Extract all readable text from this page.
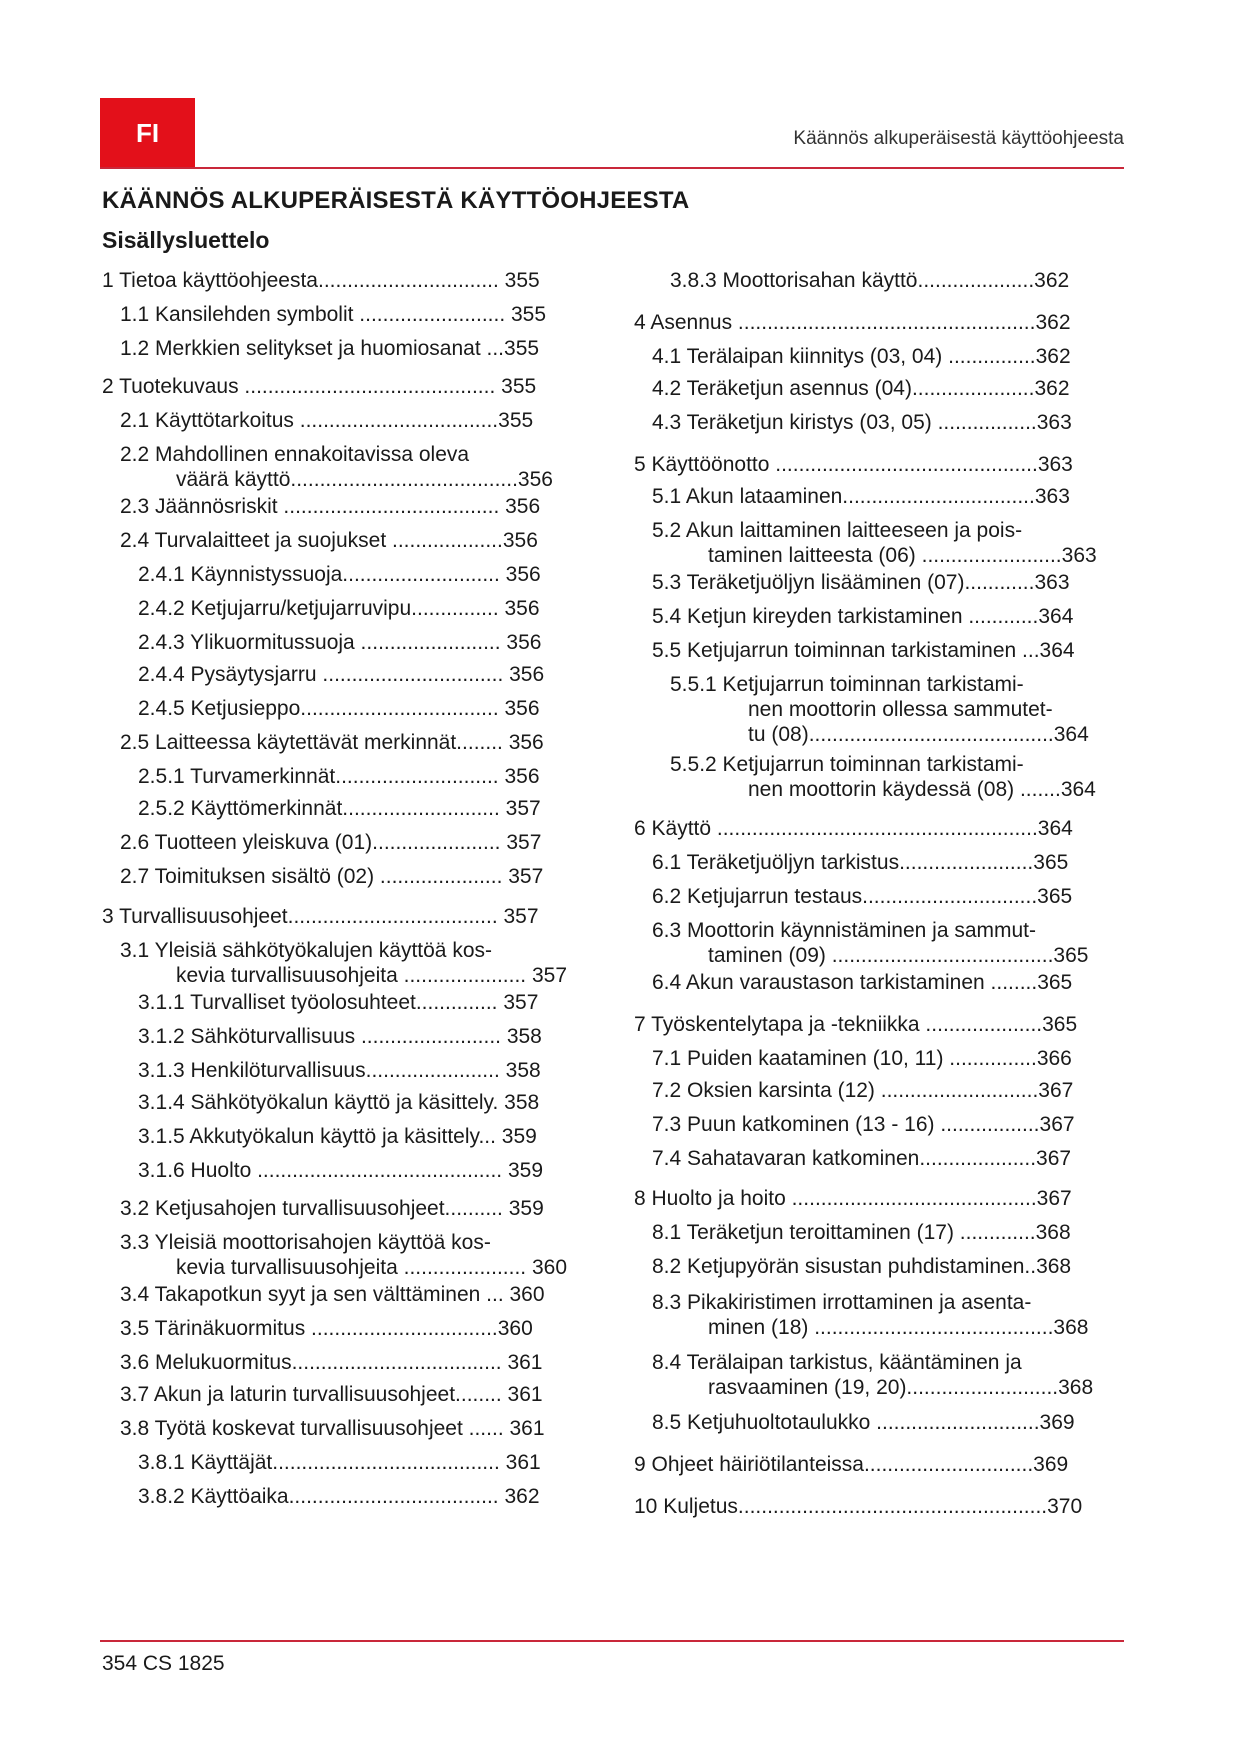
FI	Käännös alkuperäisestä käyttöohjeesta
KÄÄNNÖS ALKUPERÄISESTÄ KÄYTTÖOHJEESTA
Sisällysluettelo
1 Tietoa käyttöohjeesta............................... 355
1.1 Kansilehden symbolit ......................... 355
1.2 Merkkien selitykset ja huomiosanat ...355
2 Tuotekuvaus ........................................... 355
2.1 Käyttötarkoitus ..................................355
2.2 Mahdollinen ennakoitavissa oleva
väärä käyttö.......................................356
2.3 Jäännösriskit ..................................... 356
2.4 Turvalaitteet ja suojukset ...................356
2.4.1 Käynnistyssuoja........................... 356
2.4.2 Ketjujarru/ketjujarruvipu............... 356
2.4.3 Ylikuormitussuoja ........................ 356
2.4.4 Pysäytysjarru ............................... 356
2.4.5 Ketjusieppo.................................. 356
2.5 Laitteessa käytettävät merkinnät........ 356
2.5.1 Turvamerkinnät............................ 356
2.5.2 Käyttömerkinnät........................... 357
2.6 Tuotteen yleiskuva (01)...................... 357
2.7 Toimituksen sisältö (02) ..................... 357
3 Turvallisuusohjeet.................................... 357
3.1 Yleisiä sähkötyökalujen käyttöä kos-
kevia turvallisuusohjeita ..................... 357
3.1.1 Turvalliset työolosuhteet.............. 357
3.1.2 Sähköturvallisuus ........................ 358
3.1.3 Henkilöturvallisuus....................... 358
3.1.4 Sähkötyökalun käyttö ja käsittely. 358
3.1.5 Akkutyökalun käyttö ja käsittely... 359
3.1.6 Huolto .......................................... 359
3.2 Ketjusahojen turvallisuusohjeet.......... 359
3.3 Yleisiä moottorisahojen käyttöä kos-
kevia turvallisuusohjeita ..................... 360
3.4 Takapotkun syyt ja sen välttäminen ... 360
3.5 Tärinäkuormitus ................................360
3.6 Melukuormitus.................................... 361
3.7 Akun ja laturin turvallisuusohjeet........ 361
3.8 Työtä koskevat turvallisuusohjeet ...... 361
3.8.1 Käyttäjät....................................... 361
3.8.2 Käyttöaika.................................... 362
3.8.3 Moottorisahan käyttö....................362
4 Asennus ...................................................362
4.1 Terälaipan kiinnitys (03, 04) ...............362
4.2 Teräketjun asennus (04).....................362
4.3 Teräketjun kiristys (03, 05) .................363
5 Käyttöönotto .............................................363
5.1 Akun lataaminen.................................363
5.2 Akun laittaminen laitteeseen ja pois-
taminen laitteesta (06) ........................363
5.3 Teräketjuöljyn lisääminen (07)............363
5.4 Ketjun kireyden tarkistaminen ............364
5.5 Ketjujarrun toiminnan tarkistaminen ...364
5.5.1 Ketjujarrun toiminnan tarkistami-
nen moottorin ollessa sammutet-
tu (08)..........................................364
5.5.2 Ketjujarrun toiminnan tarkistami-
nen moottorin käydessä (08) .......364
6 Käyttö .......................................................364
6.1 Teräketjuöljyn tarkistus.......................365
6.2 Ketjujarrun testaus..............................365
6.3 Moottorin käynnistäminen ja sammut-
taminen (09) ......................................365
6.4 Akun varaustason tarkistaminen ........365
7 Työskentelytapa ja -tekniikka ....................365
7.1 Puiden kaataminen (10, 11) ...............366
7.2 Oksien karsinta (12) ...........................367
7.3 Puun katkominen (13 - 16) .................367
7.4 Sahatavaran katkominen....................367
8 Huolto ja hoito ..........................................367
8.1 Teräketjun teroittaminen (17) .............368
8.2 Ketjupyörän sisustan puhdistaminen..368
8.3 Pikakiristimen irrottaminen ja asenta-
minen (18) .........................................368
8.4 Terälaipan tarkistus, kääntäminen ja
rasvaaminen (19, 20)..........................368
8.5 Ketjuhuoltotaulukko ............................369
9 Ohjeet häiriötilanteissa.............................369
10 Kuljetus.....................................................370
354 CS 1825
